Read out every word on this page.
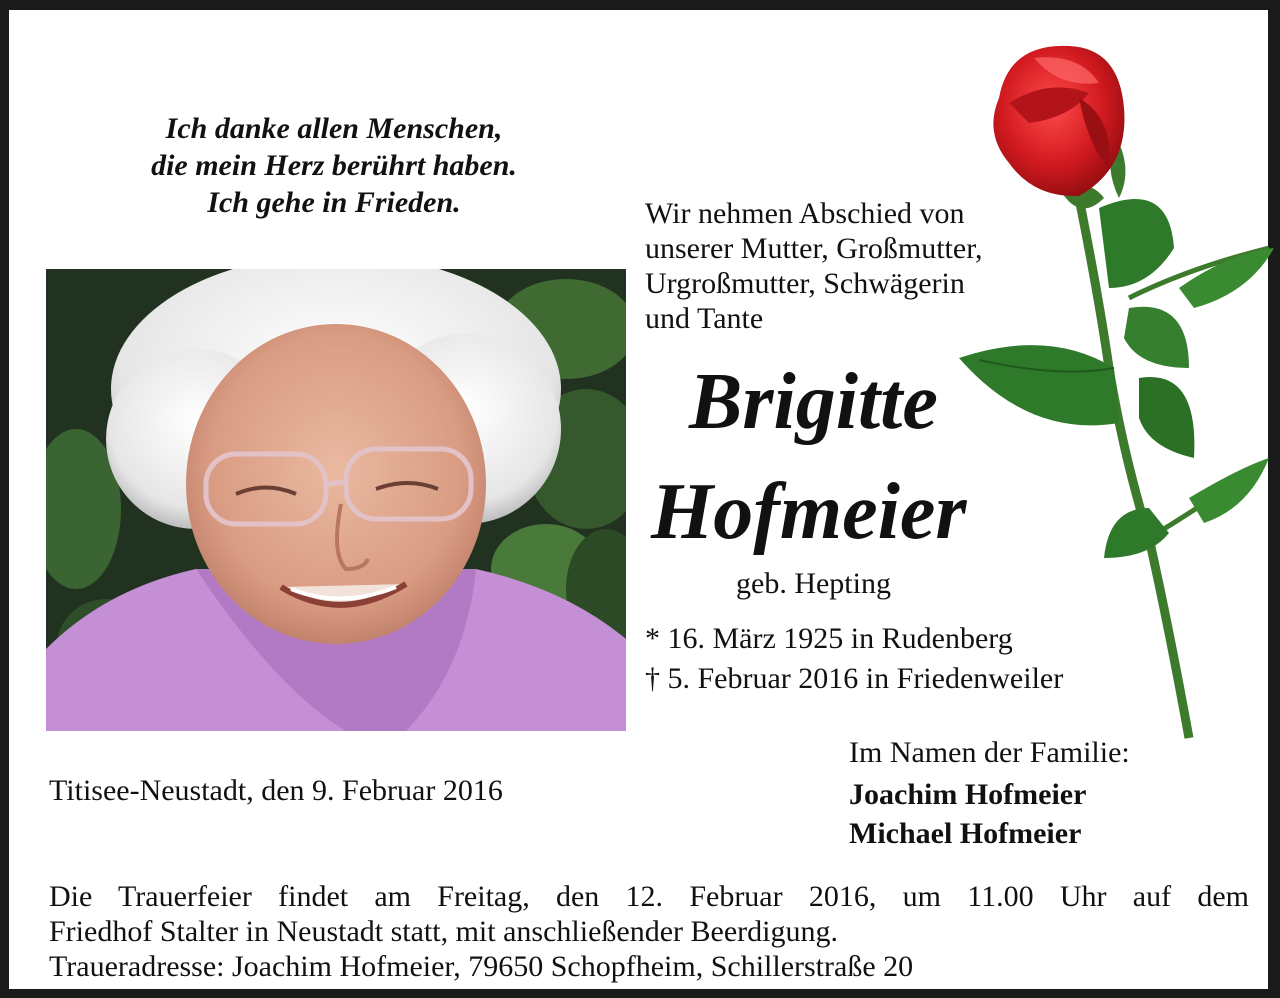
Ich danke allen Menschen,
die mein Herz berührt haben.
Ich gehe in Frieden.	Wir nehmen Abschied von
unserer Mutter, Großmutter,
Urgroßmutter, Schwägerin
und Tante
Brigitte
Hofmeier
geb. Hepting
* 16. März 1925 in Rudenberg
† 5. Februar 2016 in Friedenweiler
Titisee-Neustadt, den 9. Februar 2016
Im Namen der Familie:
Joachim Hofmeier
Michael Hofmeier
Die Trauerfeier findet am Freitag, den 12. Februar 2016, um 11.00 Uhr auf dem
Friedhof Stalter in Neustadt statt, mit anschließender Beerdigung.
Traueradresse: Joachim Hofmeier, 79650 Schopfheim, Schillerstraße 20
